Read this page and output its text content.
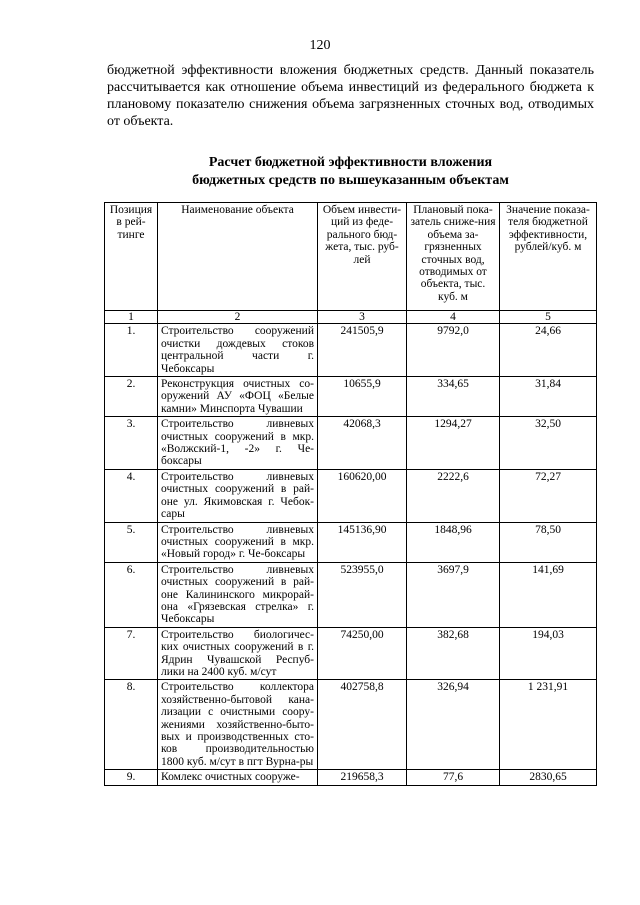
120

бюджетной эффективности вложения бюджетных средств. Данный показатель рассчитывается как отношение объема инвестиций из федерального бюджета к плановому показателю снижения объема загрязненных сточных вод, отводимых от объекта.

Расчет бюджетной эффективности вложения
бюджетных средств по вышеуказанным объектам
Позиция в рей-тинге	Наименование объекта	Объем инвести-ций из феде-рального бюд-жета, тыс. руб-лей	Плановый пока-затель сниже-ния объема за-грязненных сточных вод, отводимых от объекта, тыс. куб. м	Значение показа-теля бюджетной эффективности, рублей/куб. м
1	2	3	4	5
1.	Строительство сооружений очистки дождевых стоков центральной части г. Чебоксары	241505,9	9792,0	24,66
2.	Реконструкция очистных со-оружений АУ «ФОЦ «Белые камни» Минспорта Чувашии	10655,9	334,65	31,84
3.	Строительство ливневых очистных сооружений в мкр. «Волжский-1, -2» г. Че-боксары	42068,3	1294,27	32,50
4.	Строительство ливневых очистных сооружений в рай-оне ул. Якимовская г. Чебок-сары	160620,00	2222,6	72,27
5.	Строительство ливневых очистных сооружений в мкр. «Новый город» г. Че-боксары	145136,90	1848,96	78,50
6.	Строительство ливневых очистных сооружений в рай-оне Калининского микрорай-она «Грязевская стрелка» г. Чебоксары	523955,0	3697,9	141,69
7.	Строительство биологичес-ких очистных сооружений в г. Ядрин Чувашской Респуб-лики на 2400 куб. м/сут	74250,00	382,68	194,03
8.	Строительство коллектора хозяйственно-бытовой кана-лизации с очистными соору-жениями хозяйственно-быто-вых и производственных сто-ков производительностью 1800 куб. м/сут в пгт Вурна-ры	402758,8	326,94	1 231,91
9.	Комлекс очистных сооруже-	219658,3	77,6	2830,65
